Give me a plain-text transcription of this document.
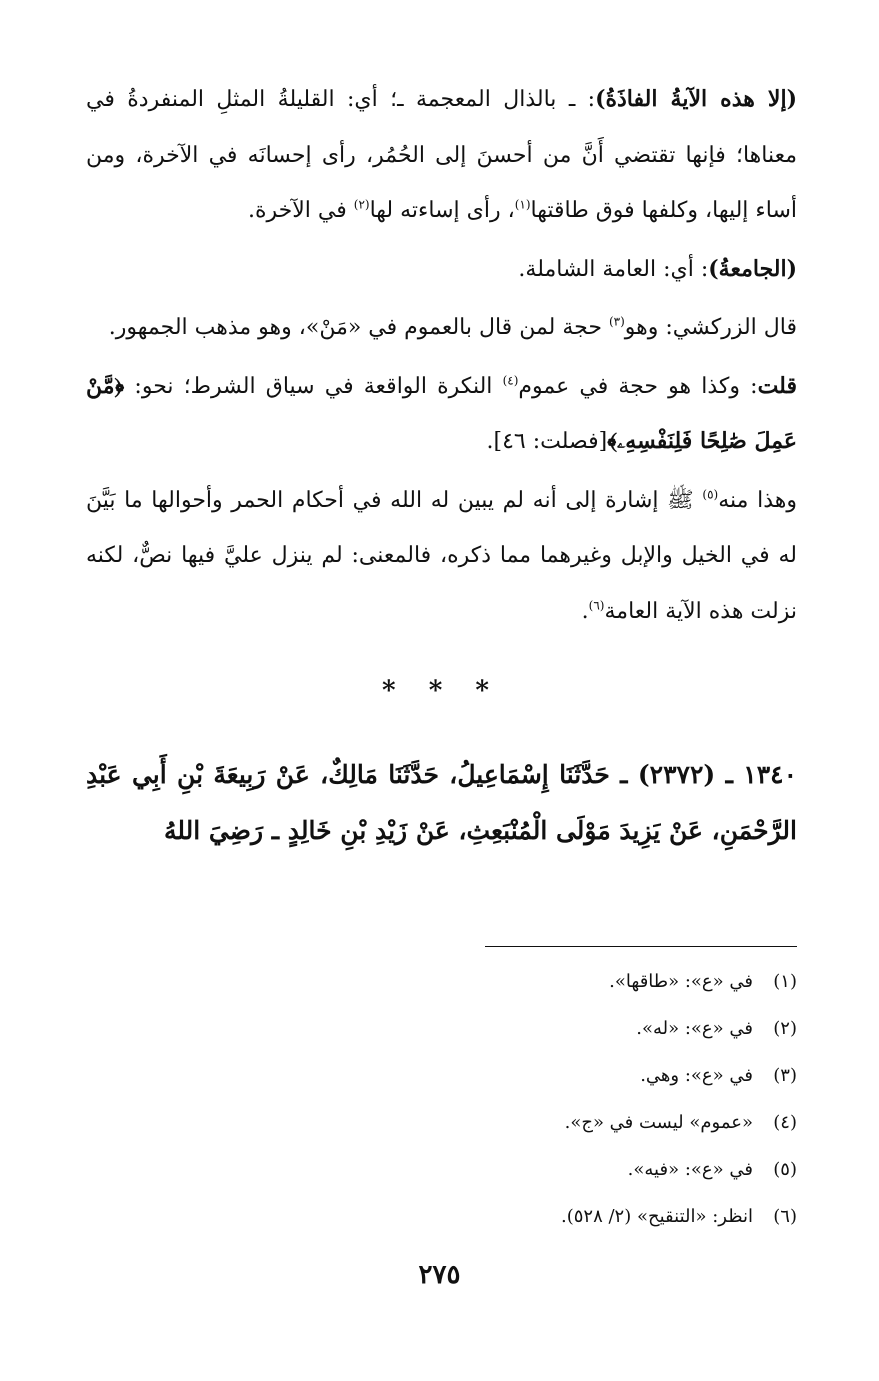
(إلا هذه الآيةُ الفاذَةُ): ـ بالذال المعجمة ـ؛ أي: القليلةُ المثلِ المنفردةُ في معناها؛ فإنها تقتضي أَنَّ من أحسنَ إلى الحُمُر، رأى إحسانَه في الآخرة، ومن أساء إليها، وكلفها فوق طاقتها$^{(١)}$، رأى إساءته لها$^{(٢)}$ في الآخرة.

(الجامعةُ): أي: العامة الشاملة.

قال الزركشي: وهو$^{(٣)}$ حجة لمن قال بالعموم في «مَنْ»، وهو مذهب الجمهور.

قلت: وكذا هو حجة في عموم$^{(٤)}$ النكرة الواقعة في سياق الشرط؛ نحو: ﴿مَّنْ عَمِلَ صَٰلِحًا فَلِنَفْسِهِۦ﴾[فصلت: ٤٦].

وهذا منه$^{(٥)}$ ﷺ إشارة إلى أنه لم يبين له الله في أحكام الحمر وأحوالها ما بَيَّنَ له في الخيل والإبل وغيرهما مما ذكره، فالمعنى: لم ينزل عليَّ فيها نصٌّ، لكنه نزلت هذه الآية العامة$^{(٦)}$.

* * *

١٣٤٠ ـ (٢٣٧٢) ـ حَدَّثَنَا إِسْمَاعِيلُ، حَدَّثَنَا مَالِكٌ، عَنْ رَبِيعَةَ بْنِ أَبِي عَبْدِ الرَّحْمَنِ، عَنْ يَزِيدَ مَوْلَى الْمُنْبَعِثِ، عَنْ زَيْدِ بْنِ خَالِدٍ ـ رَضِيَ اللهُ

(١)في «ع»: «طاقها».
(٢)في «ع»: «له».
(٣)في «ع»: وهي.
(٤)«عموم» ليست في «ج».
(٥)في «ع»: «فيه».
(٦)انظر: «التنقيح» (٢/ ٥٢٨).
٢٧٥
